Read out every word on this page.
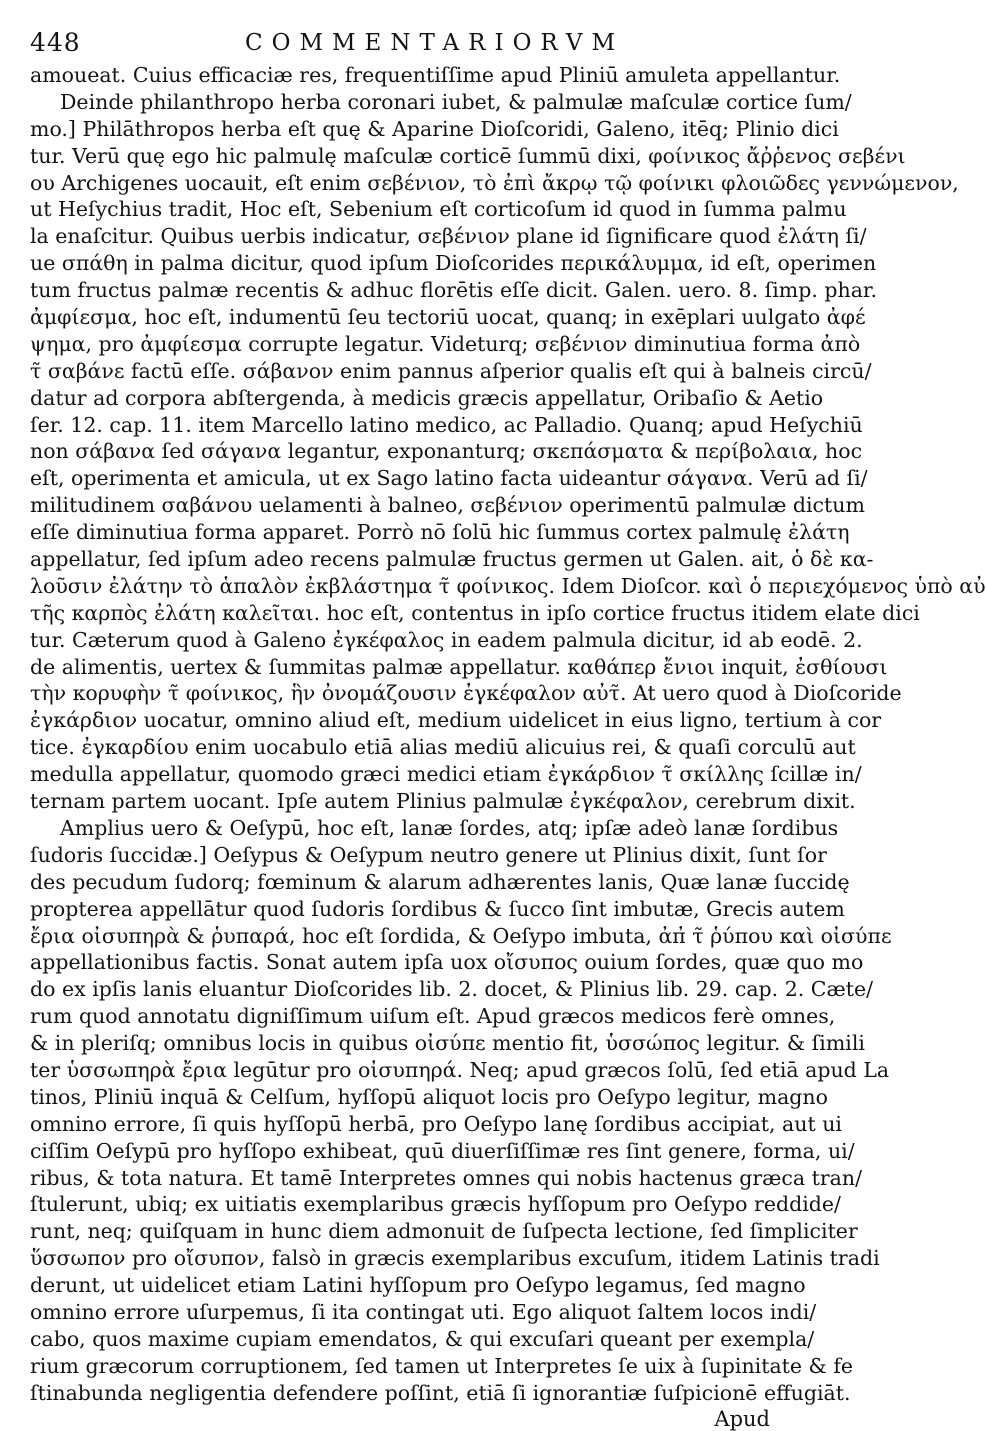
448	COMMENTARIORVM
amoueat. Cuius efficaciæ res, frequentiſſime apud Pliniū amuleta appellantur.
Deinde philanthropo herba coronari iubet, & palmulæ maſculæ cortice ſum/
mo.] Philāthropos herba eſt quę & Aparine Dioſcoridi, Galeno, itēq; Plinio dici
tur. Verū quę ego hic palmulę maſculæ corticē ſummū dixi, φοίνικος ἄῤῥενος σεβένι
ου Archigenes uocauit, eſt enim σεβένιον, τὸ ἐπὶ ἄκρῳ τῷ φοίνικι φλοιῶδες γεννώμενον,
ut Heſychius tradit, Hoc eſt, Sebenium eſt corticoſum id quod in ſumma palmu
la enaſcitur. Quibus uerbis indicatur, σεβένιον plane id ſignificare quod ἐλάτη ſi/
ue σπάθη in palma dicitur, quod ipſum Dioſcorides περικάλυμμα, id eſt, operimen
tum fructus palmæ recentis & adhuc florētis eſſe dicit. Galen. uero. 8. ſimp. phar.
ἀμφίεσμα, hoc eſt, indumentū ſeu tectoriū uocat, quanq; in exēplari uulgato ἀφέ
ψημα, pro ἀμφίεσμα corrupte legatur. Videturq; σεβένιον diminutiua forma ἀπὸ
τ̃ σαβάνε factū eſſe. σάβανον enim pannus aſperior qualis eſt qui à balneis circū/
datur ad corpora abſtergenda, à medicis græcis appellatur, Oribaſio & Aetio
ſer. 12. cap. 11. item Marcello latino medico, ac Palladio. Quanq; apud Heſychiū
non σάβανα ſed σάγανα legantur, exponanturq; σκεπάσματα & περίβολαια, hoc
eſt, operimenta et amicula, ut ex Sago latino facta uideantur σάγανα. Verū ad ſi/
militudinem σαβάνου uelamenti à balneo, σεβένιον operimentū palmulæ dictum
eſſe diminutiua forma apparet. Porrò nō ſolū hic ſummus cortex palmulę ἐλάτη
appellatur, ſed ipſum adeo recens palmulæ fructus germen ut Galen. ait, ὁ δὲ κα-
λοῦσιν ἐλάτην τὸ ἁπαλὸν ἐκβλάστημα τ̃ φοίνικος. Idem Dioſcor. καὶ ὁ περιεχόμενος ὑπὸ αὐ
τῆς καρπὸς ἐλάτη καλεῖται. hoc eſt, contentus in ipſo cortice fructus itidem elate dici
tur. Cæterum quod à Galeno ἐγκέφαλος in eadem palmula dicitur, id ab eodē. 2.
de alimentis, uertex & ſummitas palmæ appellatur. καθάπερ ἔνιοι inquit, ἐσθίουσι
τὴν κορυφὴν τ̃ φοίνικος, ἣν ὀνομάζουσιν ἐγκέφαλον αὐτ̃. At uero quod à Dioſcoride
ἐγκάρδιον uocatur, omnino aliud eſt, medium uidelicet in eius ligno, tertium à cor
tice. ἐγκαρδίου enim uocabulo etiā alias mediū alicuius rei, & quaſi corculū aut
medulla appellatur, quomodo græci medici etiam ἐγκάρδιον τ̃ σκίλλης ſcillæ in/
ternam partem uocant. Ipſe autem Plinius palmulæ ἐγκέφαλον, cerebrum dixit.
Amplius uero & Oeſypū, hoc eſt, lanæ ſordes, atq; ipſæ adeò lanæ ſordibus
ſudoris ſuccidæ.] Oeſypus & Oeſypum neutro genere ut Plinius dixit, ſunt ſor
des pecudum ſudorq; fœminum & alarum adhærentes lanis, Quæ lanæ ſuccidę
propterea appellātur quod ſudoris ſordibus & ſucco ſint imbutæ, Grecis autem
ἔρια οἰσυπηρὰ & ῥυπαρά, hoc eſt ſordida, & Oeſypo imbuta, ἀπ̓ τ̃ ῥύπου καὶ οἰσύπε
appellationibus factis. Sonat autem ipſa uox οἴσυπος ouium ſordes, quæ quo mo
do ex ipſis lanis eluantur Dioſcorides lib. 2. docet, & Plinius lib. 29. cap. 2. Cæte/
rum quod annotatu digniſſimum uiſum eſt. Apud græcos medicos ferè omnes,
& in pleriſq; omnibus locis in quibus οἰσύπε mentio fit, ὑσσώπος legitur. & ſimili
ter ὑσσωπηρὰ ἔρια legūtur pro οἰσυπηρά. Neq; apud græcos ſolū, ſed etiā apud La
tinos, Pliniū inquā & Celſum, hyſſopū aliquot locis pro Oeſypo legitur, magno
omnino errore, ſi quis hyſſopū herbā, pro Oeſypo lanę ſordibus accipiat, aut ui
ciſſim Oeſypū pro hyſſopo exhibeat, quū diuerſiſſimæ res ſint genere, forma, ui/
ribus, & tota natura. Et tamē Interpretes omnes qui nobis hactenus græca tran/
ſtulerunt, ubiq; ex uitiatis exemplaribus græcis hyſſopum pro Oeſypo reddide/
runt, neq; quiſquam in hunc diem admonuit de ſuſpecta lectione, ſed ſimpliciter
ὕσσωπον pro οἴσυπον, falsò in græcis exemplaribus excuſum, itidem Latinis tradi
derunt, ut uidelicet etiam Latini hyſſopum pro Oeſypo legamus, ſed magno
omnino errore uſurpemus, ſi ita contingat uti. Ego aliquot ſaltem locos indi/
cabo, quos maxime cupiam emendatos, & qui excuſari queant per exempla/
rium græcorum corruptionem, ſed tamen ut Interpretes ſe uix à ſupinitate & fe
ſtinabunda negligentia defendere poſſint, etiā ſi ignorantiæ ſuſpicionē effugiāt.
Apud
